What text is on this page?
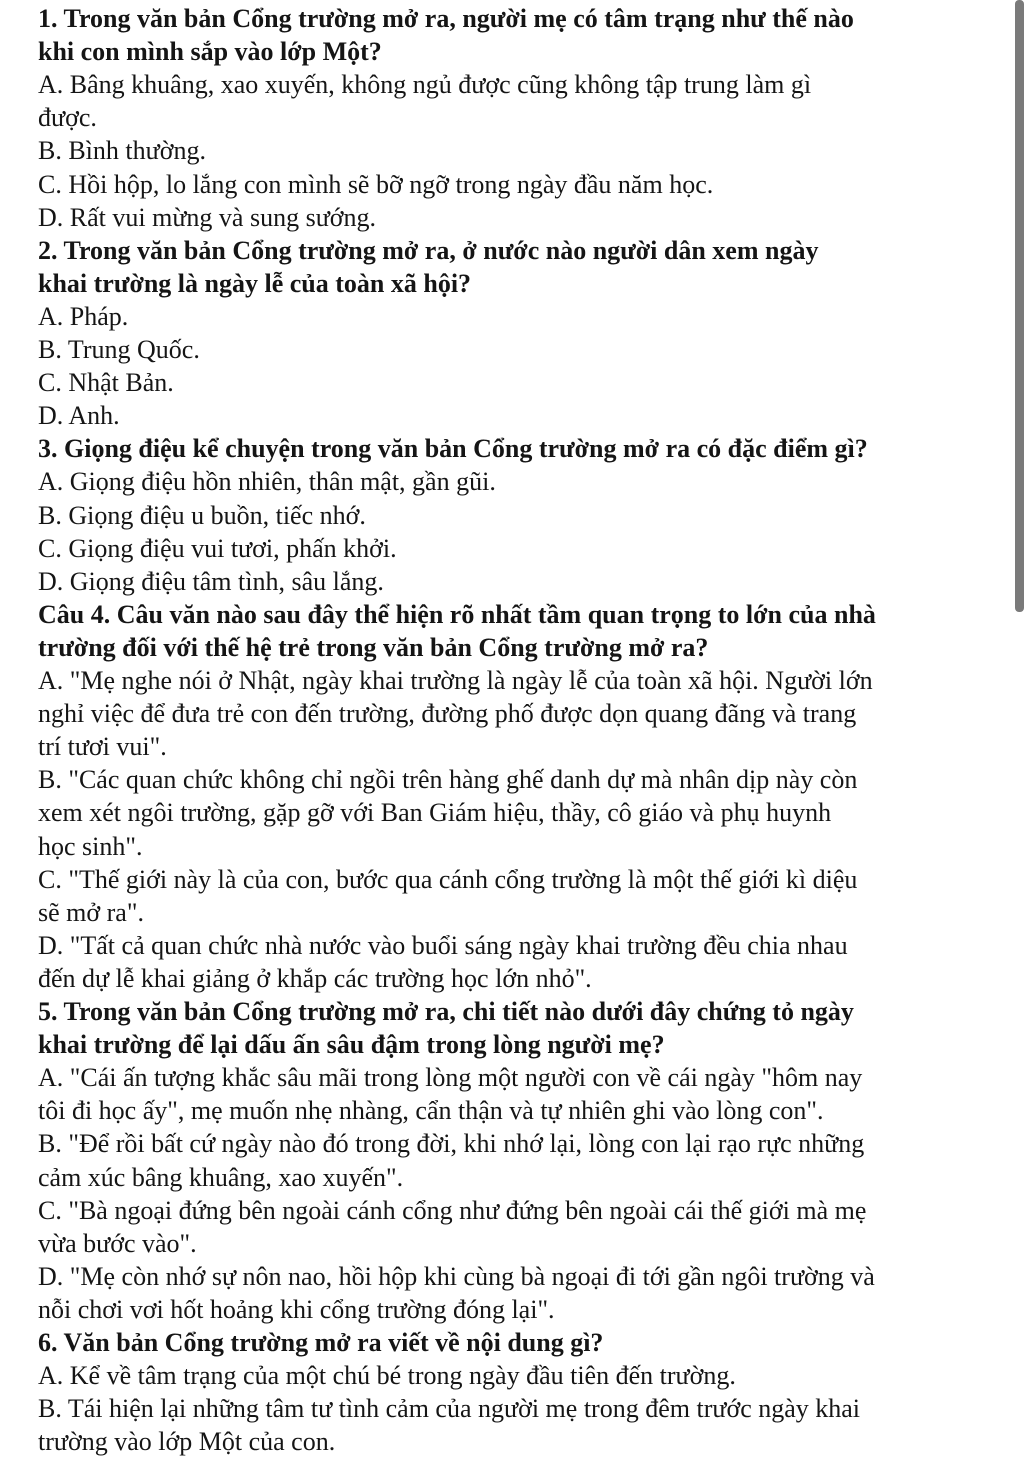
1. Trong văn bản Cổng trường mở ra, người mẹ có tâm trạng như thế nào
khi con mình sắp vào lớp Một?
A. Bâng khuâng, xao xuyến, không ngủ được cũng không tập trung làm gì
được.
B. Bình thường.
C. Hồi hộp, lo lắng con mình sẽ bỡ ngỡ trong ngày đầu năm học.
D. Rất vui mừng và sung sướng.
2. Trong văn bản Cổng trường mở ra, ở nước nào người dân xem ngày
khai trường là ngày lễ của toàn xã hội?
A. Pháp.
B. Trung Quốc.
C. Nhật Bản.
D. Anh.
3. Giọng điệu kể chuyện trong văn bản Cổng trường mở ra có đặc điểm gì?
A. Giọng điệu hồn nhiên, thân mật, gần gũi.
B. Giọng điệu u buồn, tiếc nhớ.
C. Giọng điệu vui tươi, phấn khởi.
D. Giọng điệu tâm tình, sâu lắng.
Câu 4. Câu văn nào sau đây thể hiện rõ nhất tầm quan trọng to lớn của nhà
trường đối với thế hệ trẻ trong văn bản Cổng trường mở ra?
A. "Mẹ nghe nói ở Nhật, ngày khai trường là ngày lễ của toàn xã hội. Người lớn
nghỉ việc để đưa trẻ con đến trường, đường phố được dọn quang đãng và trang
trí tươi vui".
B. "Các quan chức không chỉ ngồi trên hàng ghế danh dự mà nhân dịp này còn
xem xét ngôi trường, gặp gỡ với Ban Giám hiệu, thầy, cô giáo và phụ huynh
học sinh".
C. "Thế giới này là của con, bước qua cánh cổng trường là một thế giới kì diệu
sẽ mở ra".
D. "Tất cả quan chức nhà nước vào buổi sáng ngày khai trường đều chia nhau
đến dự lễ khai giảng ở khắp các trường học lớn nhỏ".
5. Trong văn bản Cổng trường mở ra, chi tiết nào dưới đây chứng tỏ ngày
khai trường để lại dấu ấn sâu đậm trong lòng người mẹ?
A. "Cái ấn tượng khắc sâu mãi trong lòng một người con về cái ngày "hôm nay
tôi đi học ấy", mẹ muốn nhẹ nhàng, cẩn thận và tự nhiên ghi vào lòng con".
B. "Để rồi bất cứ ngày nào đó trong đời, khi nhớ lại, lòng con lại rạo rực những
cảm xúc bâng khuâng, xao xuyến".
C. "Bà ngoại đứng bên ngoài cánh cổng như đứng bên ngoài cái thế giới mà mẹ
vừa bước vào".
D. "Mẹ còn nhớ sự nôn nao, hồi hộp khi cùng bà ngoại đi tới gần ngôi trường và
nỗi chơi vơi hốt hoảng khi cổng trường đóng lại".
6. Văn bản Cổng trường mở ra viết về nội dung gì?
A. Kể về tâm trạng của một chú bé trong ngày đầu tiên đến trường.
B. Tái hiện lại những tâm tư tình cảm của người mẹ trong đêm trước ngày khai
trường vào lớp Một của con.
